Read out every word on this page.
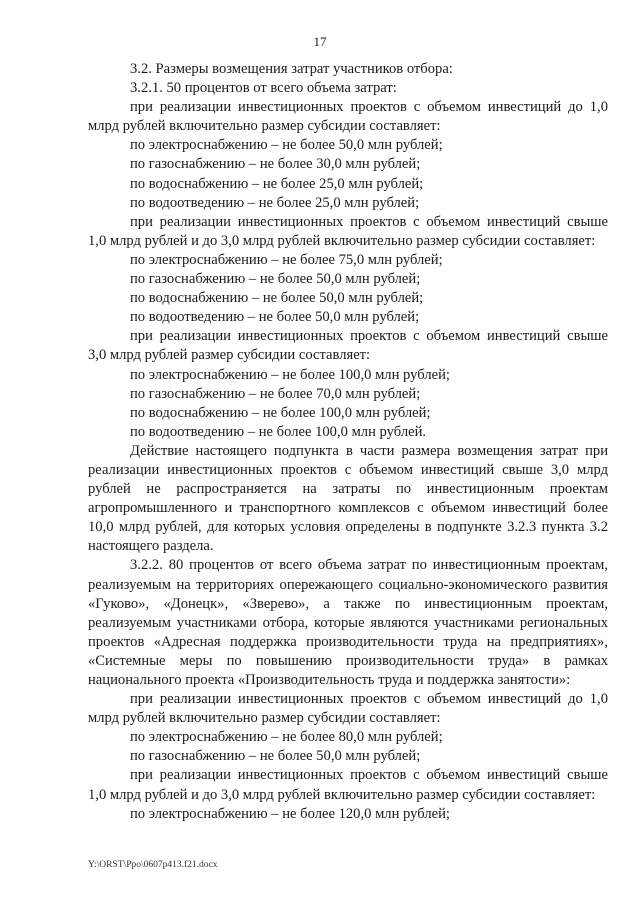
17

3.2. Размеры возмещения затрат участников отбора:

3.2.1. 50 процентов от всего объема затрат:

при реализации инвестиционных проектов с объемом инвестиций до 1,0 млрд рублей включительно размер субсидии составляет:

по электроснабжению – не более 50,0 млн рублей;

по газоснабжению – не более 30,0 млн рублей;

по водоснабжению – не более 25,0 млн рублей;

по водоотведению – не более 25,0 млн рублей;

при реализации инвестиционных проектов с объемом инвестиций свыше 1,0 млрд рублей и до 3,0 млрд рублей включительно размер субсидии составляет:

по электроснабжению – не более 75,0 млн рублей;

по газоснабжению – не более 50,0 млн рублей;

по водоснабжению – не более 50,0 млн рублей;

по водоотведению – не более 50,0 млн рублей;

при реализации инвестиционных проектов с объемом инвестиций свыше 3,0 млрд рублей размер субсидии составляет:

по электроснабжению – не более 100,0 млн рублей;

по газоснабжению – не более 70,0 млн рублей;

по водоснабжению – не более 100,0 млн рублей;

по водоотведению – не более 100,0 млн рублей.

Действие настоящего подпункта в части размера возмещения затрат при реализации инвестиционных проектов с объемом инвестиций свыше 3,0 млрд рублей не распространяется на затраты по инвестиционным проектам агропромышленного и транспортного комплексов с объемом инвестиций более 10,0 млрд рублей, для которых условия определены в подпункте 3.2.3 пункта 3.2 настоящего раздела.

3.2.2. 80 процентов от всего объема затрат по инвестиционным проектам, реализуемым на территориях опережающего социально-экономического развития «Гуково», «Донецк», «Зверево», а также по инвестиционным проектам, реализуемым участниками отбора, которые являются участниками региональных проектов «Адресная поддержка производительности труда на предприятиях», «Системные меры по повышению производительности труда» в рамках национального проекта «Производительность труда и поддержка занятости»:

при реализации инвестиционных проектов с объемом инвестиций до 1,0 млрд рублей включительно размер субсидии составляет:

по электроснабжению – не более 80,0 млн рублей;

по газоснабжению – не более 50,0 млн рублей;

при реализации инвестиционных проектов с объемом инвестиций свыше 1,0 млрд рублей и до 3,0 млрд рублей включительно размер субсидии составляет:

по электроснабжению – не более 120,0 млн рублей;

Y:\ORST\Ppo\0607p413.f21.docx
